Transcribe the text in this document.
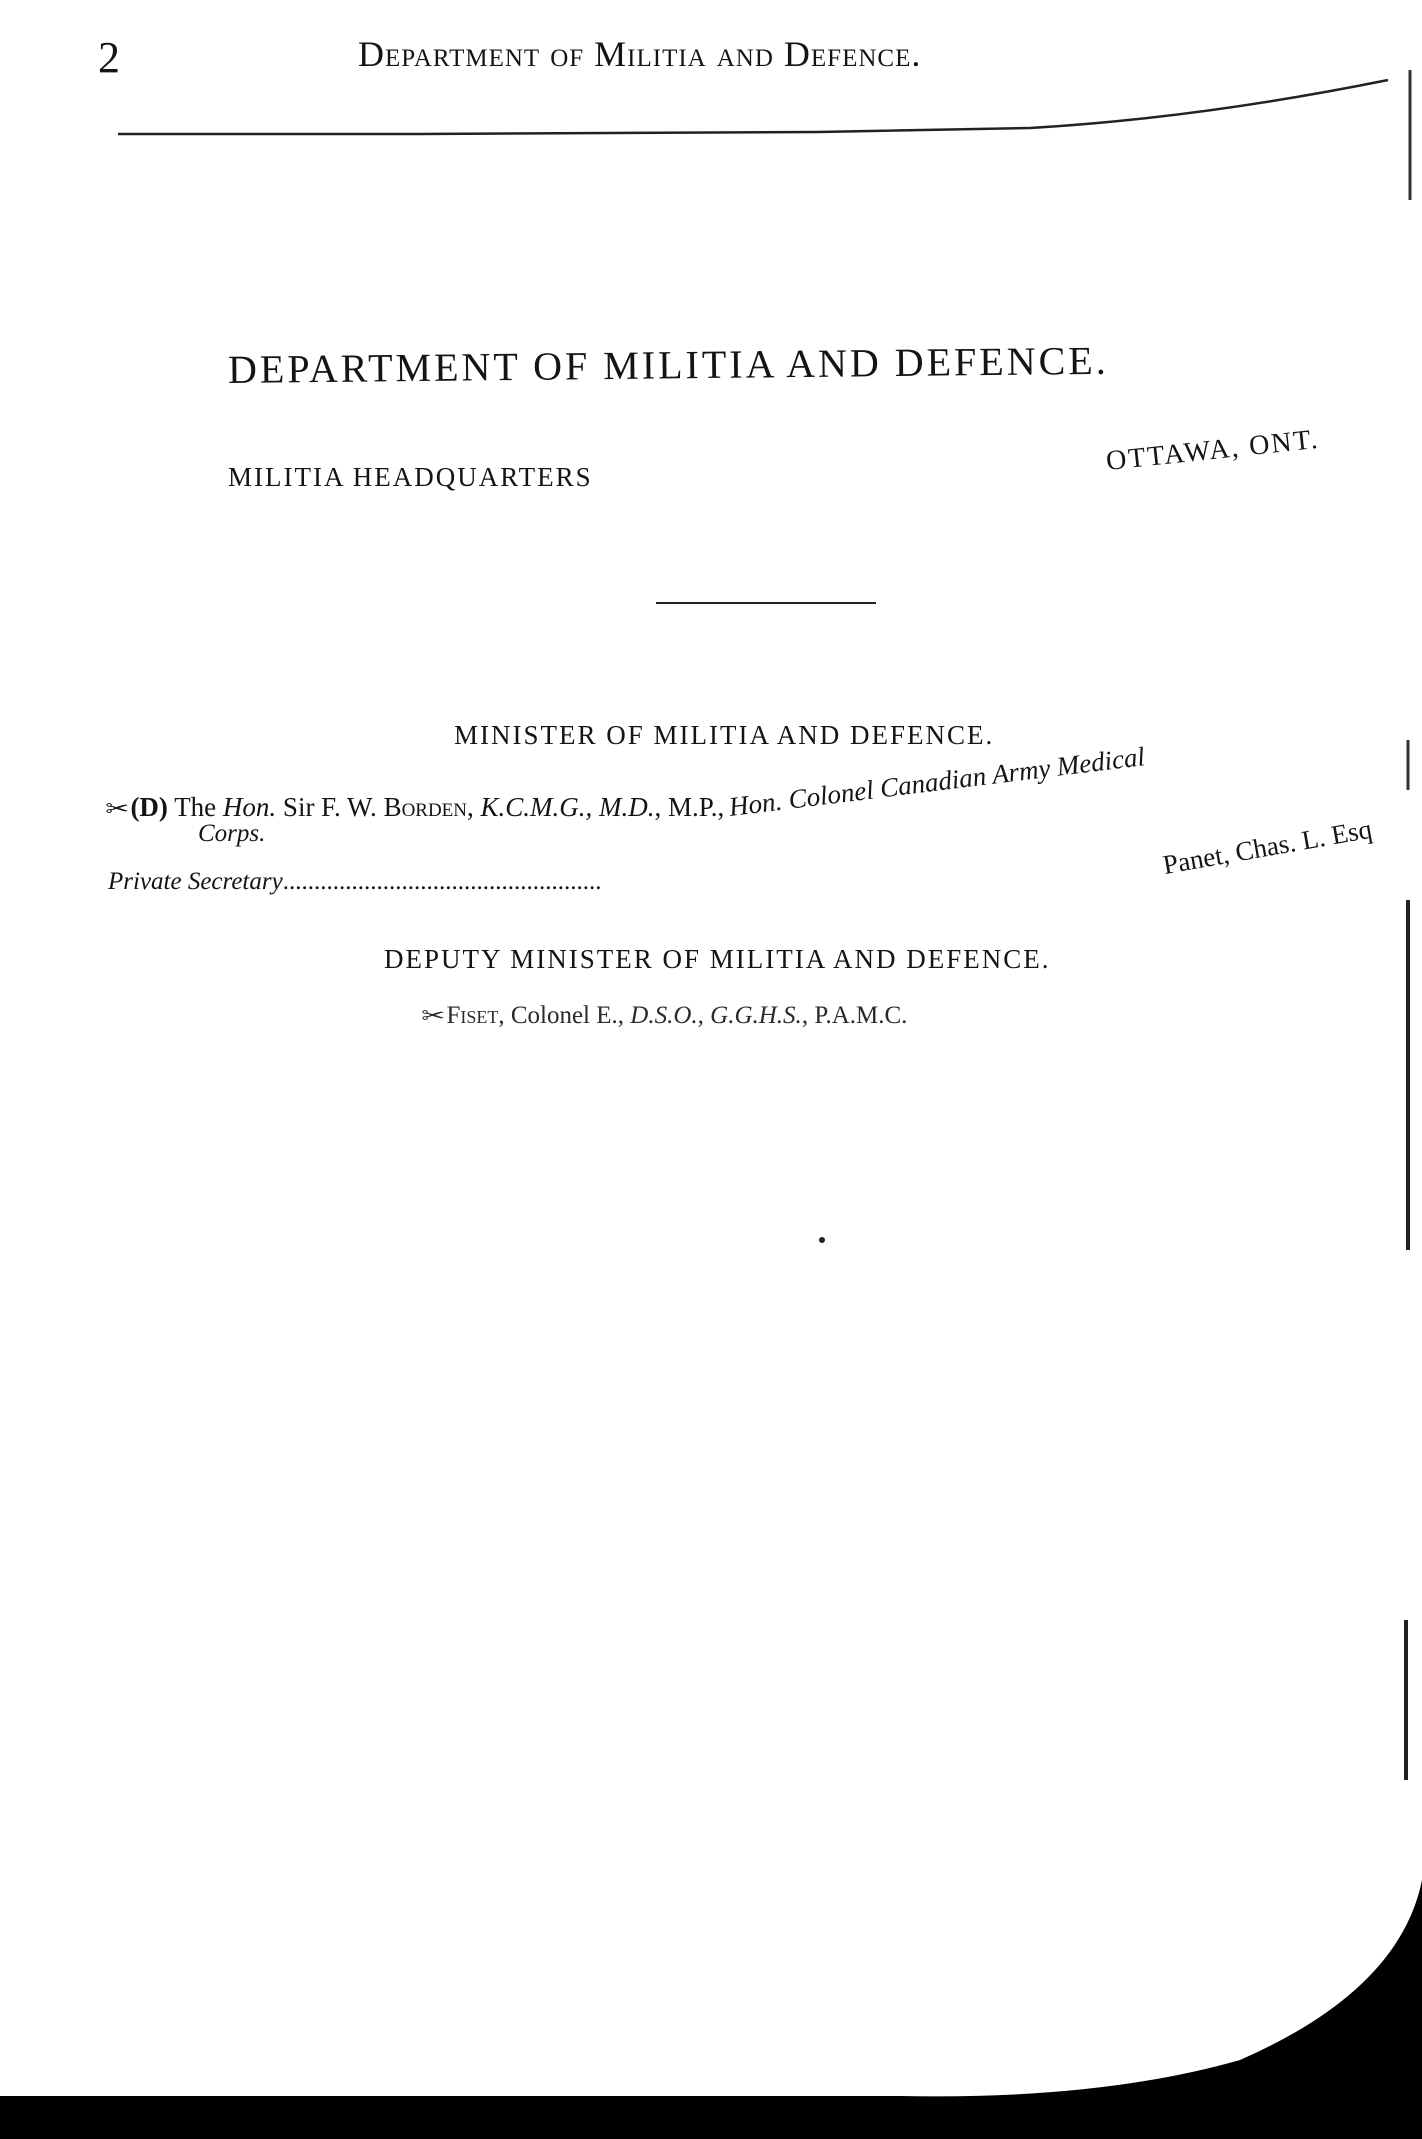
2	Department of Militia and Defence.
DEPARTMENT OF MILITIA AND DEFENCE.
MILITIA HEADQUARTERS	OTTAWA, ONT.
MINISTER OF MILITIA AND DEFENCE.
✂(D) The Hon. Sir F. W. Borden, K.C.M.G., M.D., M.P., Hon. Colonel Canadian Army Medical
Corps.
Private Secretary...................................................
Panet, Chas. L. Esq
DEPUTY MINISTER OF MILITIA AND DEFENCE.
✂Fiset, Colonel E., D.S.O., G.G.H.S., P.A.M.C.
